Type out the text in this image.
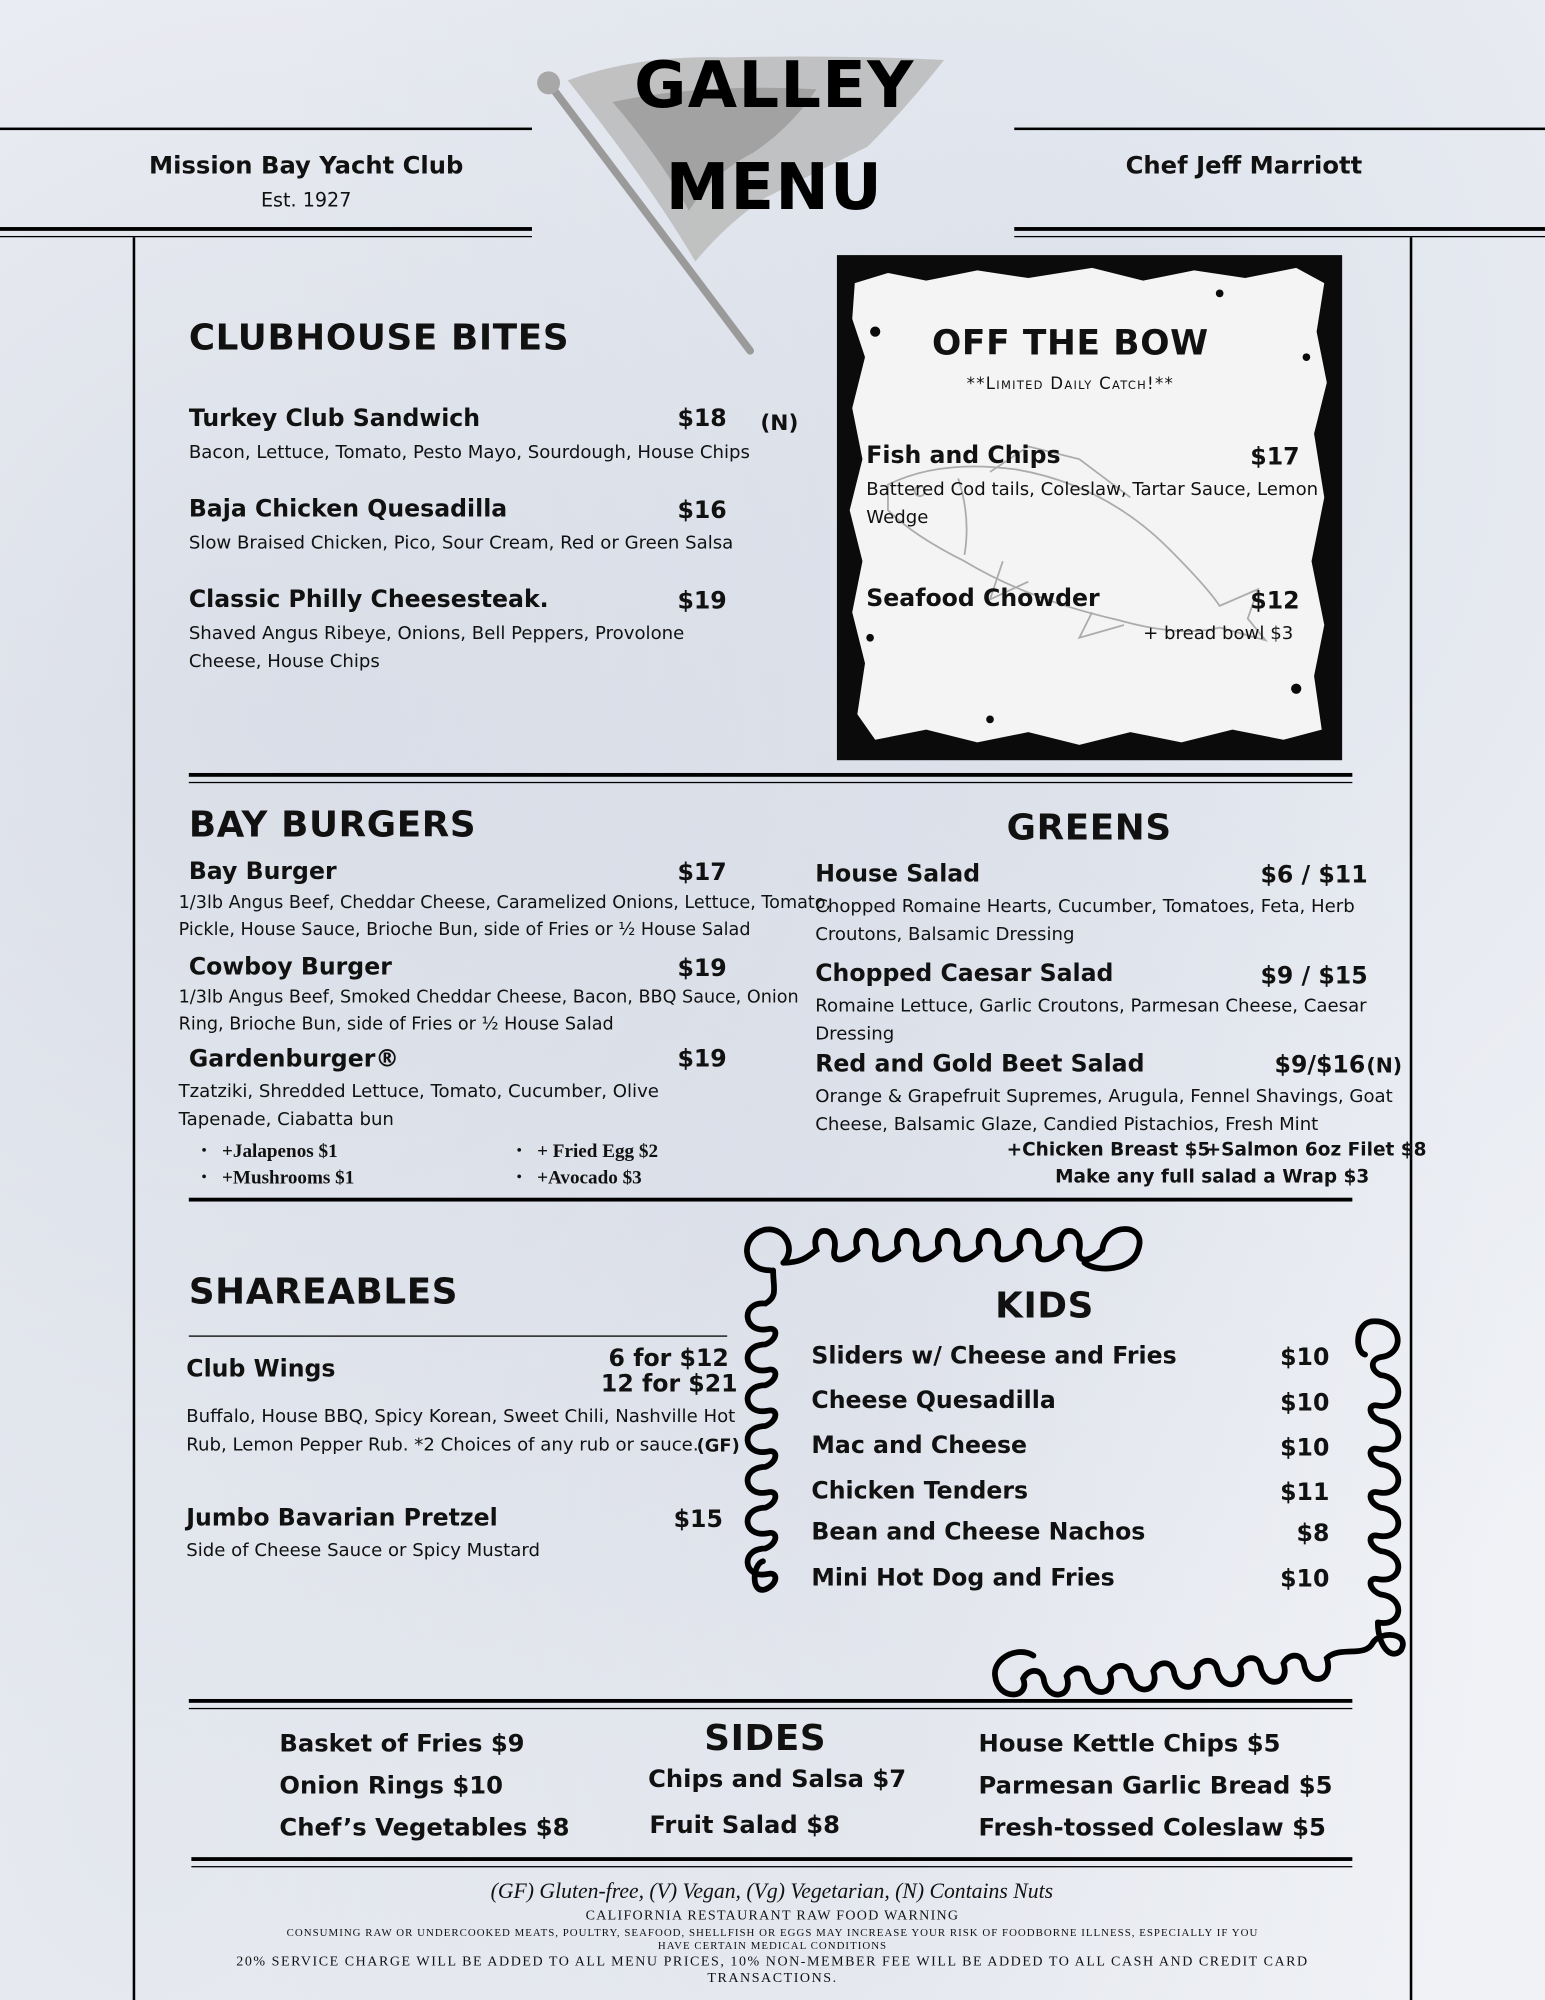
GALLEY
MENU
Mission Bay Yacht Club
Est. 1927
Chef Jeff Marriott
CLUBHOUSE BITES
Turkey Club Sandwich	$18 (N)
Bacon, Lettuce, Tomato, Pesto Mayo, Sourdough, House Chips
Baja Chicken Quesadilla	$16
Slow Braised Chicken, Pico, Sour Cream, Red or Green Salsa
Classic Philly Cheesesteak.	$19
Shaved Angus Ribeye, Onions, Bell Peppers, Provolone
Cheese, House Chips
OFF THE BOW
**Limited Daily Catch!**
Fish and Chips	$17
Battered Cod tails, Coleslaw, Tartar Sauce, Lemon
Wedge
Seafood Chowder	$12
+ bread bowl $3
BAY BURGERS
Bay Burger	$17
1/3lb Angus Beef, Cheddar Cheese, Caramelized Onions, Lettuce, Tomato,
Pickle, House Sauce, Brioche Bun, side of Fries or ½ House Salad
Cowboy Burger	$19
1/3lb Angus Beef, Smoked Cheddar Cheese, Bacon, BBQ Sauce, Onion
Ring, Brioche Bun, side of Fries or ½ House Salad
Gardenburger®	$19
Tzatziki, Shredded Lettuce, Tomato, Cucumber, Olive
Tapenade, Ciabatta bun
• +Jalapenos $1
• +Mushrooms $1
• + Fried Egg $2
• +Avocado $3
GREENS
House Salad	$6 / $11
Chopped Romaine Hearts, Cucumber, Tomatoes, Feta, Herb
Croutons, Balsamic Dressing
Chopped Caesar Salad	$9 / $15
Romaine Lettuce, Garlic Croutons, Parmesan Cheese, Caesar
Dressing
Red and Gold Beet Salad	$9/$16 (N)
Orange & Grapefruit Supremes, Arugula, Fennel Shavings, Goat
Cheese, Balsamic Glaze, Candied Pistachios, Fresh Mint
+Chicken Breast $5
+Salmon 6oz Filet $8
Make any full salad a Wrap $3
SHAREABLES
Club Wings	6 for $12
12 for $21
Buffalo, House BBQ, Spicy Korean, Sweet Chili, Nashville Hot
Rub, Lemon Pepper Rub. *2 Choices of any rub or sauce.
(GF)
Jumbo Bavarian Pretzel	$15
Side of Cheese Sauce or Spicy Mustard
KIDS
Sliders w/ Cheese and Fries	$10
Cheese Quesadilla	$10
Mac and Cheese	$10
Chicken Tenders	$11
Bean and Cheese Nachos	$8
Mini Hot Dog and Fries	$10
SIDES
Basket of Fries $9
Onion Rings $10
Chef’s Vegetables $8
Chips and Salsa $7
Fruit Salad $8
House Kettle Chips $5
Parmesan Garlic Bread $5
Fresh-tossed Coleslaw $5
(GF) Gluten-free, (V) Vegan, (Vg) Vegetarian, (N) Contains Nuts
CALIFORNIA RESTAURANT RAW FOOD WARNING
CONSUMING RAW OR UNDERCOOKED MEATS, POULTRY, SEAFOOD, SHELLFISH OR EGGS MAY INCREASE YOUR RISK OF FOODBORNE ILLNESS, ESPECIALLY IF YOU
HAVE CERTAIN MEDICAL CONDITIONS
20% SERVICE CHARGE WILL BE ADDED TO ALL MENU PRICES, 10% NON-MEMBER FEE WILL BE ADDED TO ALL CASH AND CREDIT CARD
TRANSACTIONS.
